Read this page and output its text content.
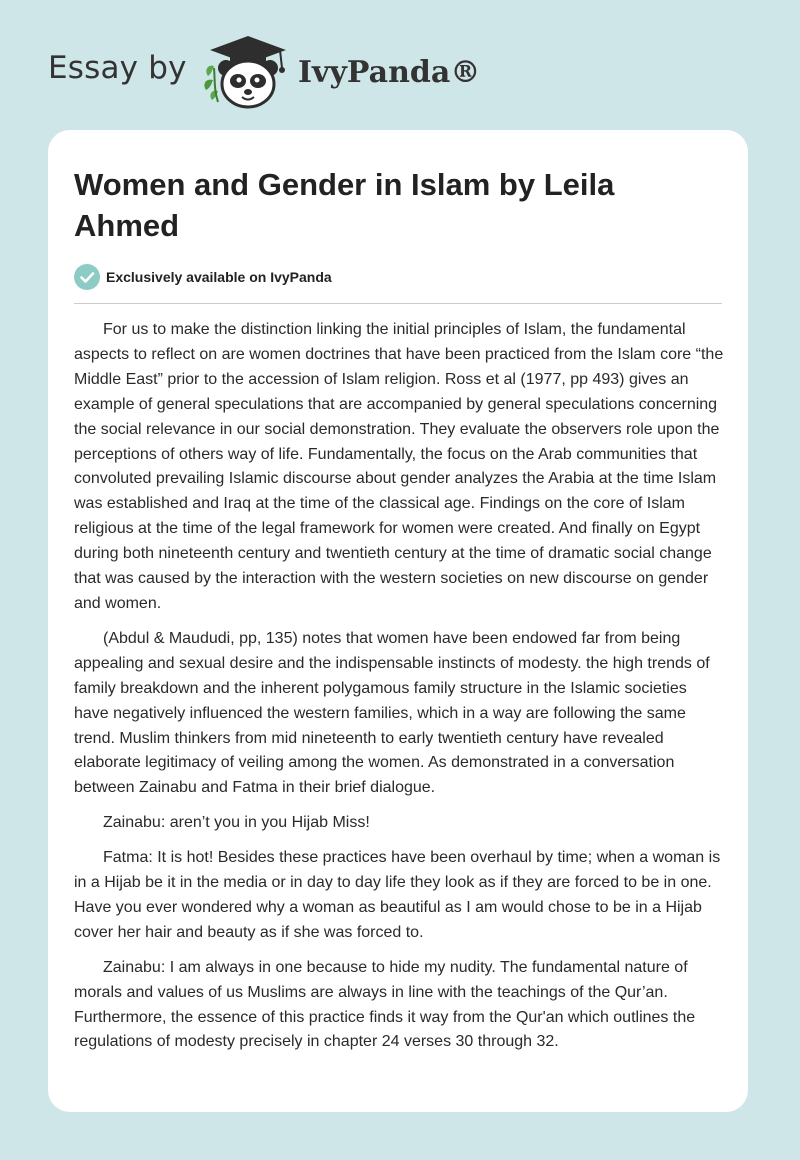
Essay by	IvyPanda®
Women and Gender in Islam by Leila Ahmed
Exclusively available on IvyPanda

For us to make the distinction linking the initial principles of Islam, the fundamental aspects to reflect on are women doctrines that have been practiced from the Islam core “the Middle East” prior to the accession of Islam religion. Ross et al (1977, pp 493) gives an example of general speculations that are accompanied by general speculations concerning the social relevance in our social demonstration. They evaluate the observers role upon the perceptions of others way of life. Fundamentally, the focus on the Arab communities that convoluted prevailing Islamic discourse about gender analyzes the Arabia at the time Islam was established and Iraq at the time of the classical age. Findings on the core of Islam religious at the time of the legal framework for women were created. And finally on Egypt during both nineteenth century and twentieth century at the time of dramatic social change that was caused by the interaction with the western societies on new discourse on gender and women.

(Abdul & Maududi, pp, 135) notes that women have been endowed far from being appealing and sexual desire and the indispensable instincts of modesty. the high trends of family breakdown and the inherent polygamous family structure in the Islamic societies have negatively influenced the western families, which in a way are following the same trend. Muslim thinkers from mid nineteenth to early twentieth century have revealed elaborate legitimacy of veiling among the women. As demonstrated in a conversation between Zainabu and Fatma in their brief dialogue.

Zainabu: aren’t you in you Hijab Miss!

Fatma: It is hot! Besides these practices have been overhaul by time; when a woman is in a Hijab be it in the media or in day to day life they look as if they are forced to be in one. Have you ever wondered why a woman as beautiful as I am would chose to be in a Hijab cover her hair and beauty as if she was forced to.

Zainabu: I am always in one because to hide my nudity. The fundamental nature of morals and values of us Muslims are always in line with the teachings of the Qur’an. Furthermore, the essence of this practice finds it way from the Qur'an which outlines the regulations of modesty precisely in chapter 24 verses 30 through 32.
